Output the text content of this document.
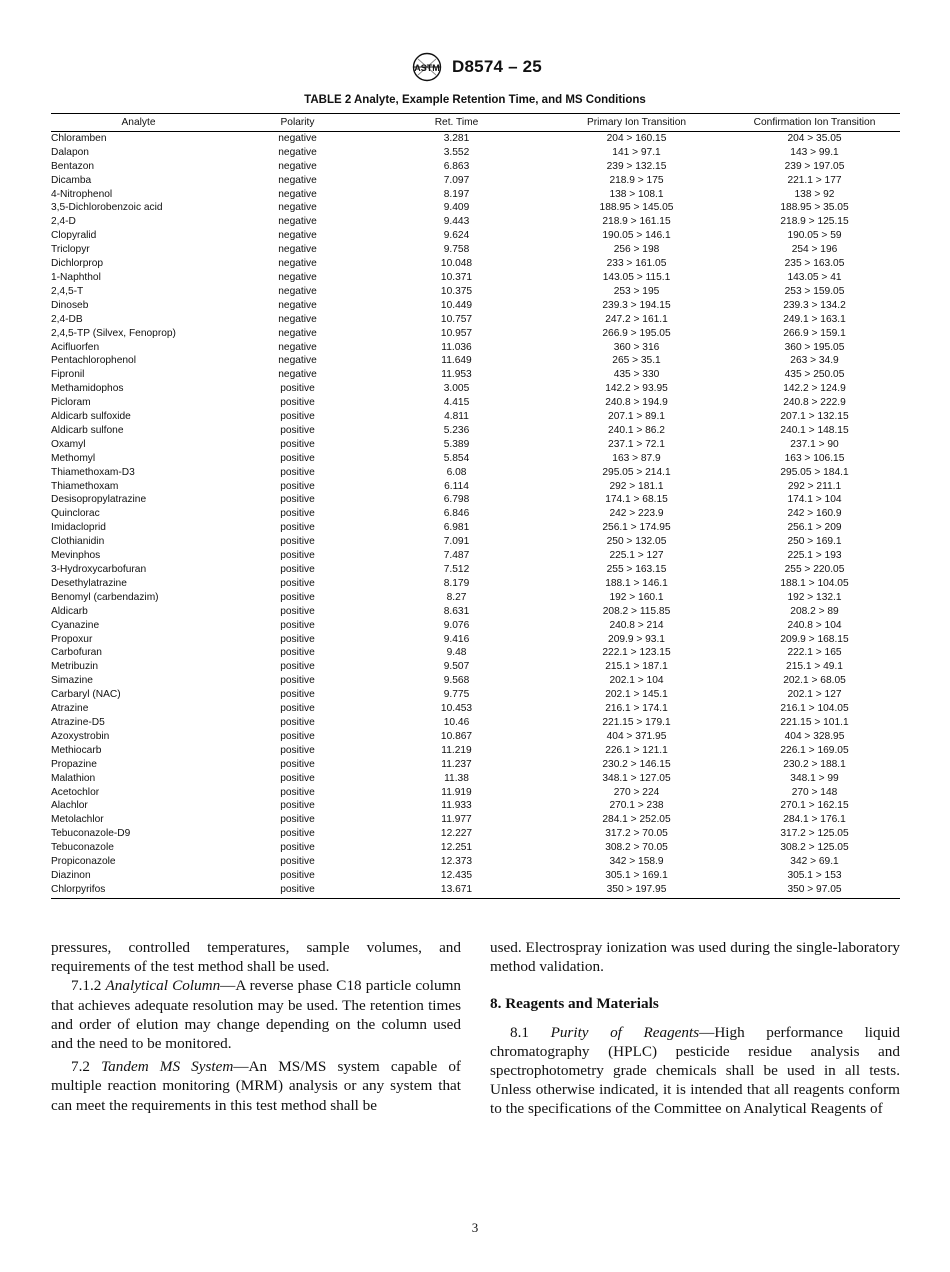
ASTM D8574 – 25
TABLE 2 Analyte, Example Retention Time, and MS Conditions
Analyte	Polarity	Ret. Time	Primary Ion Transition	Confirmation Ion Transition
Chloramben	negative	3.281	204 > 160.15	204 > 35.05
Dalapon	negative	3.552	141 > 97.1	143 > 99.1
Bentazon	negative	6.863	239 > 132.15	239 > 197.05
Dicamba	negative	7.097	218.9 > 175	221.1 > 177
4-Nitrophenol	negative	8.197	138 > 108.1	138 > 92
3,5-Dichlorobenzoic acid	negative	9.409	188.95 > 145.05	188.95 > 35.05
2,4-D	negative	9.443	218.9 > 161.15	218.9 > 125.15
Clopyralid	negative	9.624	190.05 > 146.1	190.05 > 59
Triclopyr	negative	9.758	256 > 198	254 > 196
Dichlorprop	negative	10.048	233 > 161.05	235 > 163.05
1-Naphthol	negative	10.371	143.05 > 115.1	143.05 > 41
2,4,5-T	negative	10.375	253 > 195	253 > 159.05
Dinoseb	negative	10.449	239.3 > 194.15	239.3 > 134.2
2,4-DB	negative	10.757	247.2 > 161.1	249.1 > 163.1
2,4,5-TP (Silvex, Fenoprop)	negative	10.957	266.9 > 195.05	266.9 > 159.1
Acifluorfen	negative	11.036	360 > 316	360 > 195.05
Pentachlorophenol	negative	11.649	265 > 35.1	263 > 34.9
Fipronil	negative	11.953	435 > 330	435 > 250.05
Methamidophos	positive	3.005	142.2 > 93.95	142.2 > 124.9
Picloram	positive	4.415	240.8 > 194.9	240.8 > 222.9
Aldicarb sulfoxide	positive	4.811	207.1 > 89.1	207.1 > 132.15
Aldicarb sulfone	positive	5.236	240.1 > 86.2	240.1 > 148.15
Oxamyl	positive	5.389	237.1 > 72.1	237.1 > 90
Methomyl	positive	5.854	163 > 87.9	163 > 106.15
Thiamethoxam-D3	positive	6.08	295.05 > 214.1	295.05 > 184.1
Thiamethoxam	positive	6.114	292 > 181.1	292 > 211.1
Desisopropylatrazine	positive	6.798	174.1 > 68.15	174.1 > 104
Quinclorac	positive	6.846	242 > 223.9	242 > 160.9
Imidacloprid	positive	6.981	256.1 > 174.95	256.1 > 209
Clothianidin	positive	7.091	250 > 132.05	250 > 169.1
Mevinphos	positive	7.487	225.1 > 127	225.1 > 193
3-Hydroxycarbofuran	positive	7.512	255 > 163.15	255 > 220.05
Desethylatrazine	positive	8.179	188.1 > 146.1	188.1 > 104.05
Benomyl (carbendazim)	positive	8.27	192 > 160.1	192 > 132.1
Aldicarb	positive	8.631	208.2 > 115.85	208.2 > 89
Cyanazine	positive	9.076	240.8 > 214	240.8 > 104
Propoxur	positive	9.416	209.9 > 93.1	209.9 > 168.15
Carbofuran	positive	9.48	222.1 > 123.15	222.1 > 165
Metribuzin	positive	9.507	215.1 > 187.1	215.1 > 49.1
Simazine	positive	9.568	202.1 > 104	202.1 > 68.05
Carbaryl (NAC)	positive	9.775	202.1 > 145.1	202.1 > 127
Atrazine	positive	10.453	216.1 > 174.1	216.1 > 104.05
Atrazine-D5	positive	10.46	221.15 > 179.1	221.15 > 101.1
Azoxystrobin	positive	10.867	404 > 371.95	404 > 328.95
Methiocarb	positive	11.219	226.1 > 121.1	226.1 > 169.05
Propazine	positive	11.237	230.2 > 146.15	230.2 > 188.1
Malathion	positive	11.38	348.1 > 127.05	348.1 > 99
Acetochlor	positive	11.919	270 > 224	270 > 148
Alachlor	positive	11.933	270.1 > 238	270.1 > 162.15
Metolachlor	positive	11.977	284.1 > 252.05	284.1 > 176.1
Tebuconazole-D9	positive	12.227	317.2 > 70.05	317.2 > 125.05
Tebuconazole	positive	12.251	308.2 > 70.05	308.2 > 125.05
Propiconazole	positive	12.373	342 > 158.9	342 > 69.1
Diazinon	positive	12.435	305.1 > 169.1	305.1 > 153
Chlorpyrifos	positive	13.671	350 > 197.95	350 > 97.05

pressures, controlled temperatures, sample volumes, and requirements of the test method shall be used.

7.1.2 Analytical Column—A reverse phase C18 particle column that achieves adequate resolution may be used. The retention times and order of elution may change depending on the column used and the need to be monitored.

7.2 Tandem MS System—An MS/MS system capable of multiple reaction monitoring (MRM) analysis or any system that can meet the requirements in this test method shall be

used. Electrospray ionization was used during the single-laboratory method validation.

8. Reagents and Materials

8.1 Purity of Reagents—High performance liquid chromatography (HPLC) pesticide residue analysis and spectrophotometry grade chemicals shall be used in all tests. Unless otherwise indicated, it is intended that all reagents conform to the specifications of the Committee on Analytical Reagents of

3
